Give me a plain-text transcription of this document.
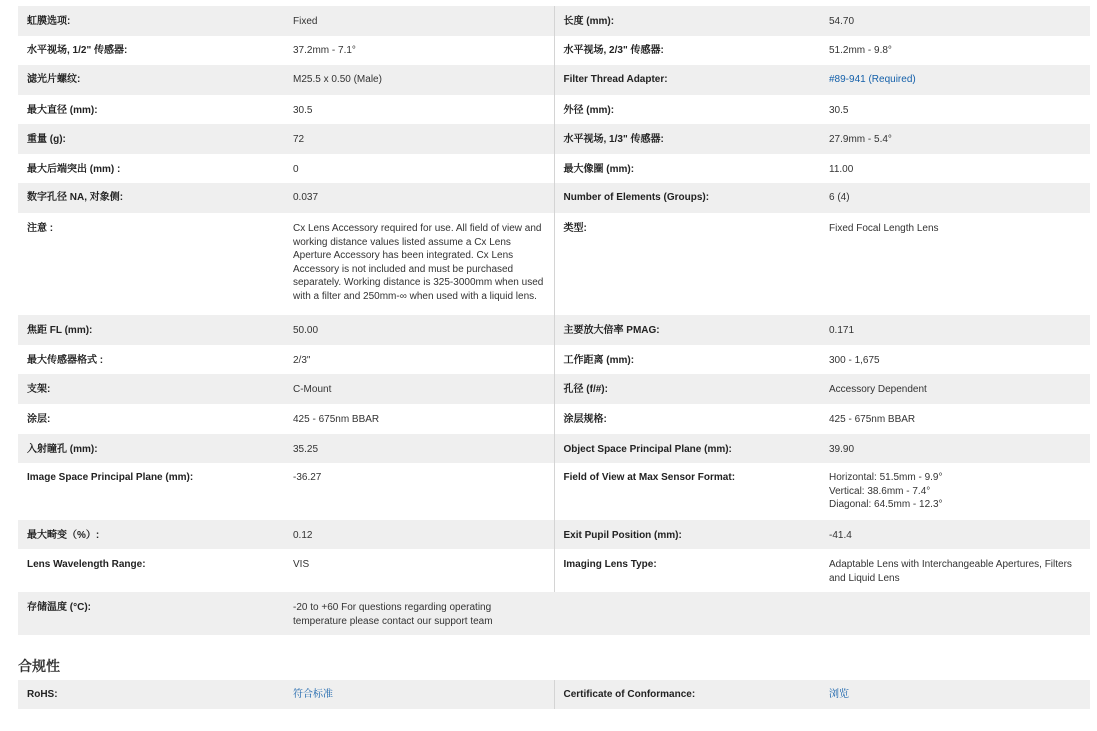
虹膜选项:	Fixed	长度 (mm):	54.70
水平视场, 1/2" 传感器:	37.2mm - 7.1°	水平视场, 2/3" 传感器:	51.2mm - 9.8°
滤光片螺纹:	M25.5 x 0.50 (Male)	Filter Thread Adapter:	#89-941 (Required)
最大直径 (mm):	30.5	外径 (mm):	30.5
重量 (g):	72	水平视场, 1/3" 传感器:	27.9mm - 5.4°
最大后端突出 (mm) :	0	最大像圈 (mm):	11.00
数字孔径 NA, 对象侧:	0.037	Number of Elements (Groups):	6 (4)
注意 :	Cx Lens Accessory required for use. All field of view and working distance values listed assume a Cx Lens Aperture Accessory has been integrated. Cx Lens Accessory is not included and must be purchased separately. Working distance is 325-3000mm when used with a filter and 250mm-∞ when used with a liquid lens.	类型:	Fixed Focal Length Lens
焦距 FL (mm):	50.00	主要放大倍率 PMAG:	0.171
最大传感器格式 :	2/3"	工作距离 (mm):	300 - 1,675
支架:	C-Mount	孔径 (f/#):	Accessory Dependent
涂层:	425 - 675nm BBAR	涂层规格:	425 - 675nm BBAR
入射瞳孔 (mm):	35.25	Object Space Principal Plane (mm):	39.90
Image Space Principal Plane (mm):	-36.27	Field of View at Max Sensor Format:	Horizontal: 51.5mm - 9.9°
Vertical: 38.6mm - 7.4°
Diagonal: 64.5mm - 12.3°

最大畸变（%）:	0.12	Exit Pupil Position (mm):	-41.4
Lens Wavelength Range:	VIS	Imaging Lens Type:	Adaptable Lens with Interchangeable Apertures, Filters and Liquid Lens
存储温度 (°C):	-20 to +60 For questions regarding operating temperature please contact our support team		
合规性
RoHS:	符合标准	Certificate of Conformance:	浏览
